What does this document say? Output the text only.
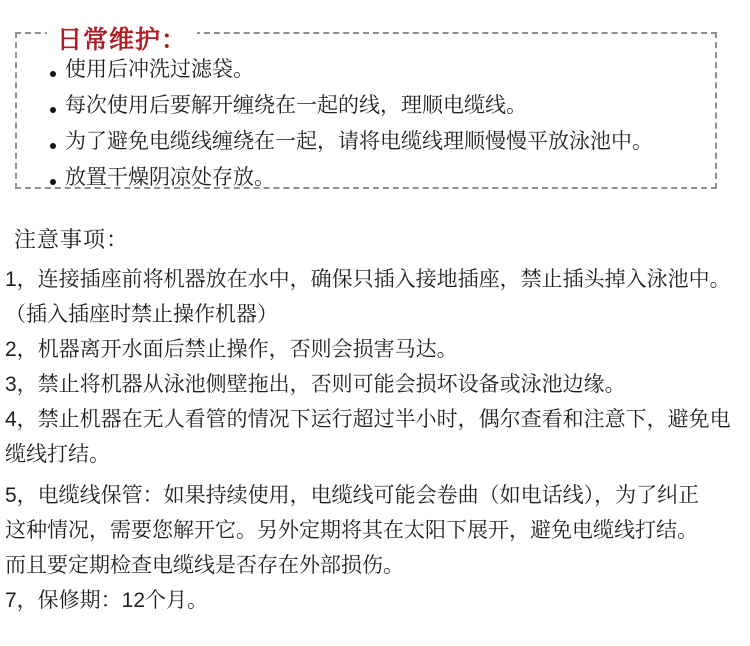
日常维护：
使用后冲洗过滤袋。
每次使用后要解开缠绕在一起的线，理顺电缆线。
为了避免电缆线缠绕在一起，请将电缆线理顺慢慢平放泳池中。
放置干燥阴凉处存放。
注意事项：
1，连接插座前将机器放在水中，确保只插入接地插座，禁止插头掉入泳池中。
（插入插座时禁止操作机器）
2，机器离开水面后禁止操作，否则会损害马达。
3，禁止将机器从泳池侧壁拖出，否则可能会损坏设备或泳池边缘。
4，禁止机器在无人看管的情况下运行超过半小时，偶尔查看和注意下，避免电
缆线打结。
5，电缆线保管：如果持续使用，电缆线可能会卷曲（如电话线），为了纠正
这种情况，需要您解开它。另外定期将其在太阳下展开，避免电缆线打结。
而且要定期检查电缆线是否存在外部损伤。
7，保修期：12个月。
